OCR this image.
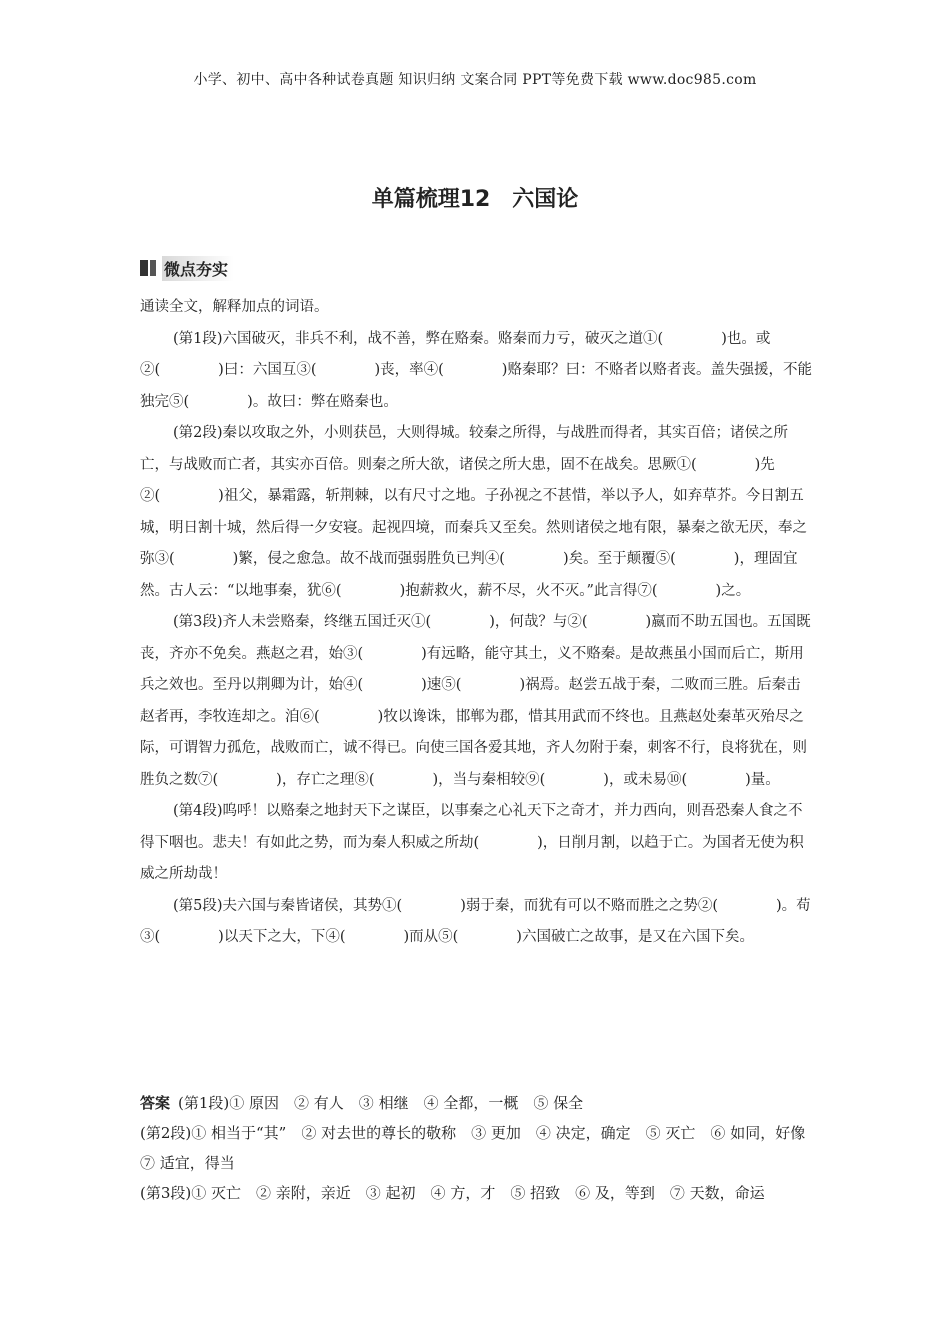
小学、初中、高中各种试卷真题 知识归纳 文案合同 PPT等免费下载 www.doc985.com
单篇梳理12　六国论
微点夯实

通读全文，解释加点的词语。

(第1段)六国破灭，非兵不利，战不善，弊在赂秦。赂秦而力亏，破灭之道①(　　　　)也。或②(　　　　)曰：六国互③(　　　　)丧，率④(　　　　)赂秦耶？曰：不赂者以赂者丧。盖失强援，不能独完⑤(　　　　)。故曰：弊在赂秦也。

(第2段)秦以攻取之外，小则获邑，大则得城。较秦之所得，与战胜而得者，其实百倍；诸侯之所亡，与战败而亡者，其实亦百倍。则秦之所大欲，诸侯之所大患，固不在战矣。思厥①(　　　　)先②(　　　　)祖父，暴霜露，斩荆棘，以有尺寸之地。子孙视之不甚惜，举以予人，如弃草芥。今日割五城，明日割十城，然后得一夕安寝。起视四境，而秦兵又至矣。然则诸侯之地有限，暴秦之欲无厌，奉之弥③(　　　　)繁，侵之愈急。故不战而强弱胜负已判④(　　　　)矣。至于颠覆⑤(　　　　)，理固宜然。古人云：“以地事秦，犹⑥(　　　　)抱薪救火，薪不尽，火不灭。”此言得⑦(　　　　)之。

(第3段)齐人未尝赂秦，终继五国迁灭①(　　　　)，何哉？与②(　　　　)嬴而不助五国也。五国既丧，齐亦不免矣。燕赵之君，始③(　　　　)有远略，能守其土，义不赂秦。是故燕虽小国而后亡，斯用兵之效也。至丹以荆卿为计，始④(　　　　)速⑤(　　　　)祸焉。赵尝五战于秦，二败而三胜。后秦击赵者再，李牧连却之。洎⑥(　　　　)牧以谗诛，邯郸为郡，惜其用武而不终也。且燕赵处秦革灭殆尽之际，可谓智力孤危，战败而亡，诚不得已。向使三国各爱其地，齐人勿附于秦，刺客不行，良将犹在，则胜负之数⑦(　　　　)，存亡之理⑧(　　　　)，当与秦相较⑨(　　　　)，或未易⑩(　　　　)量。

(第4段)呜呼！以赂秦之地封天下之谋臣，以事秦之心礼天下之奇才，并力西向，则吾恐秦人食之不得下咽也。悲夫！有如此之势，而为秦人积威之所劫(　　　　)，日削月割，以趋于亡。为国者无使为积威之所劫哉！

(第5段)夫六国与秦皆诸侯，其势①(　　　　)弱于秦，而犹有可以不赂而胜之之势②(　　　　)。苟③(　　　　)以天下之大，下④(　　　　)而从⑤(　　　　)六国破亡之故事，是又在六国下矣。

答案 (第1段)① 原因　② 有人　③ 相继　④ 全都，一概　⑤ 保全

(第2段)① 相当于“其”　② 对去世的尊长的敬称　③ 更加　④ 决定，确定　⑤ 灭亡　⑥ 如同，好像　⑦ 适宜，得当

(第3段)① 灭亡　② 亲附，亲近　③ 起初　④ 方，才　⑤ 招致　⑥ 及，等到　⑦ 天数，命运
